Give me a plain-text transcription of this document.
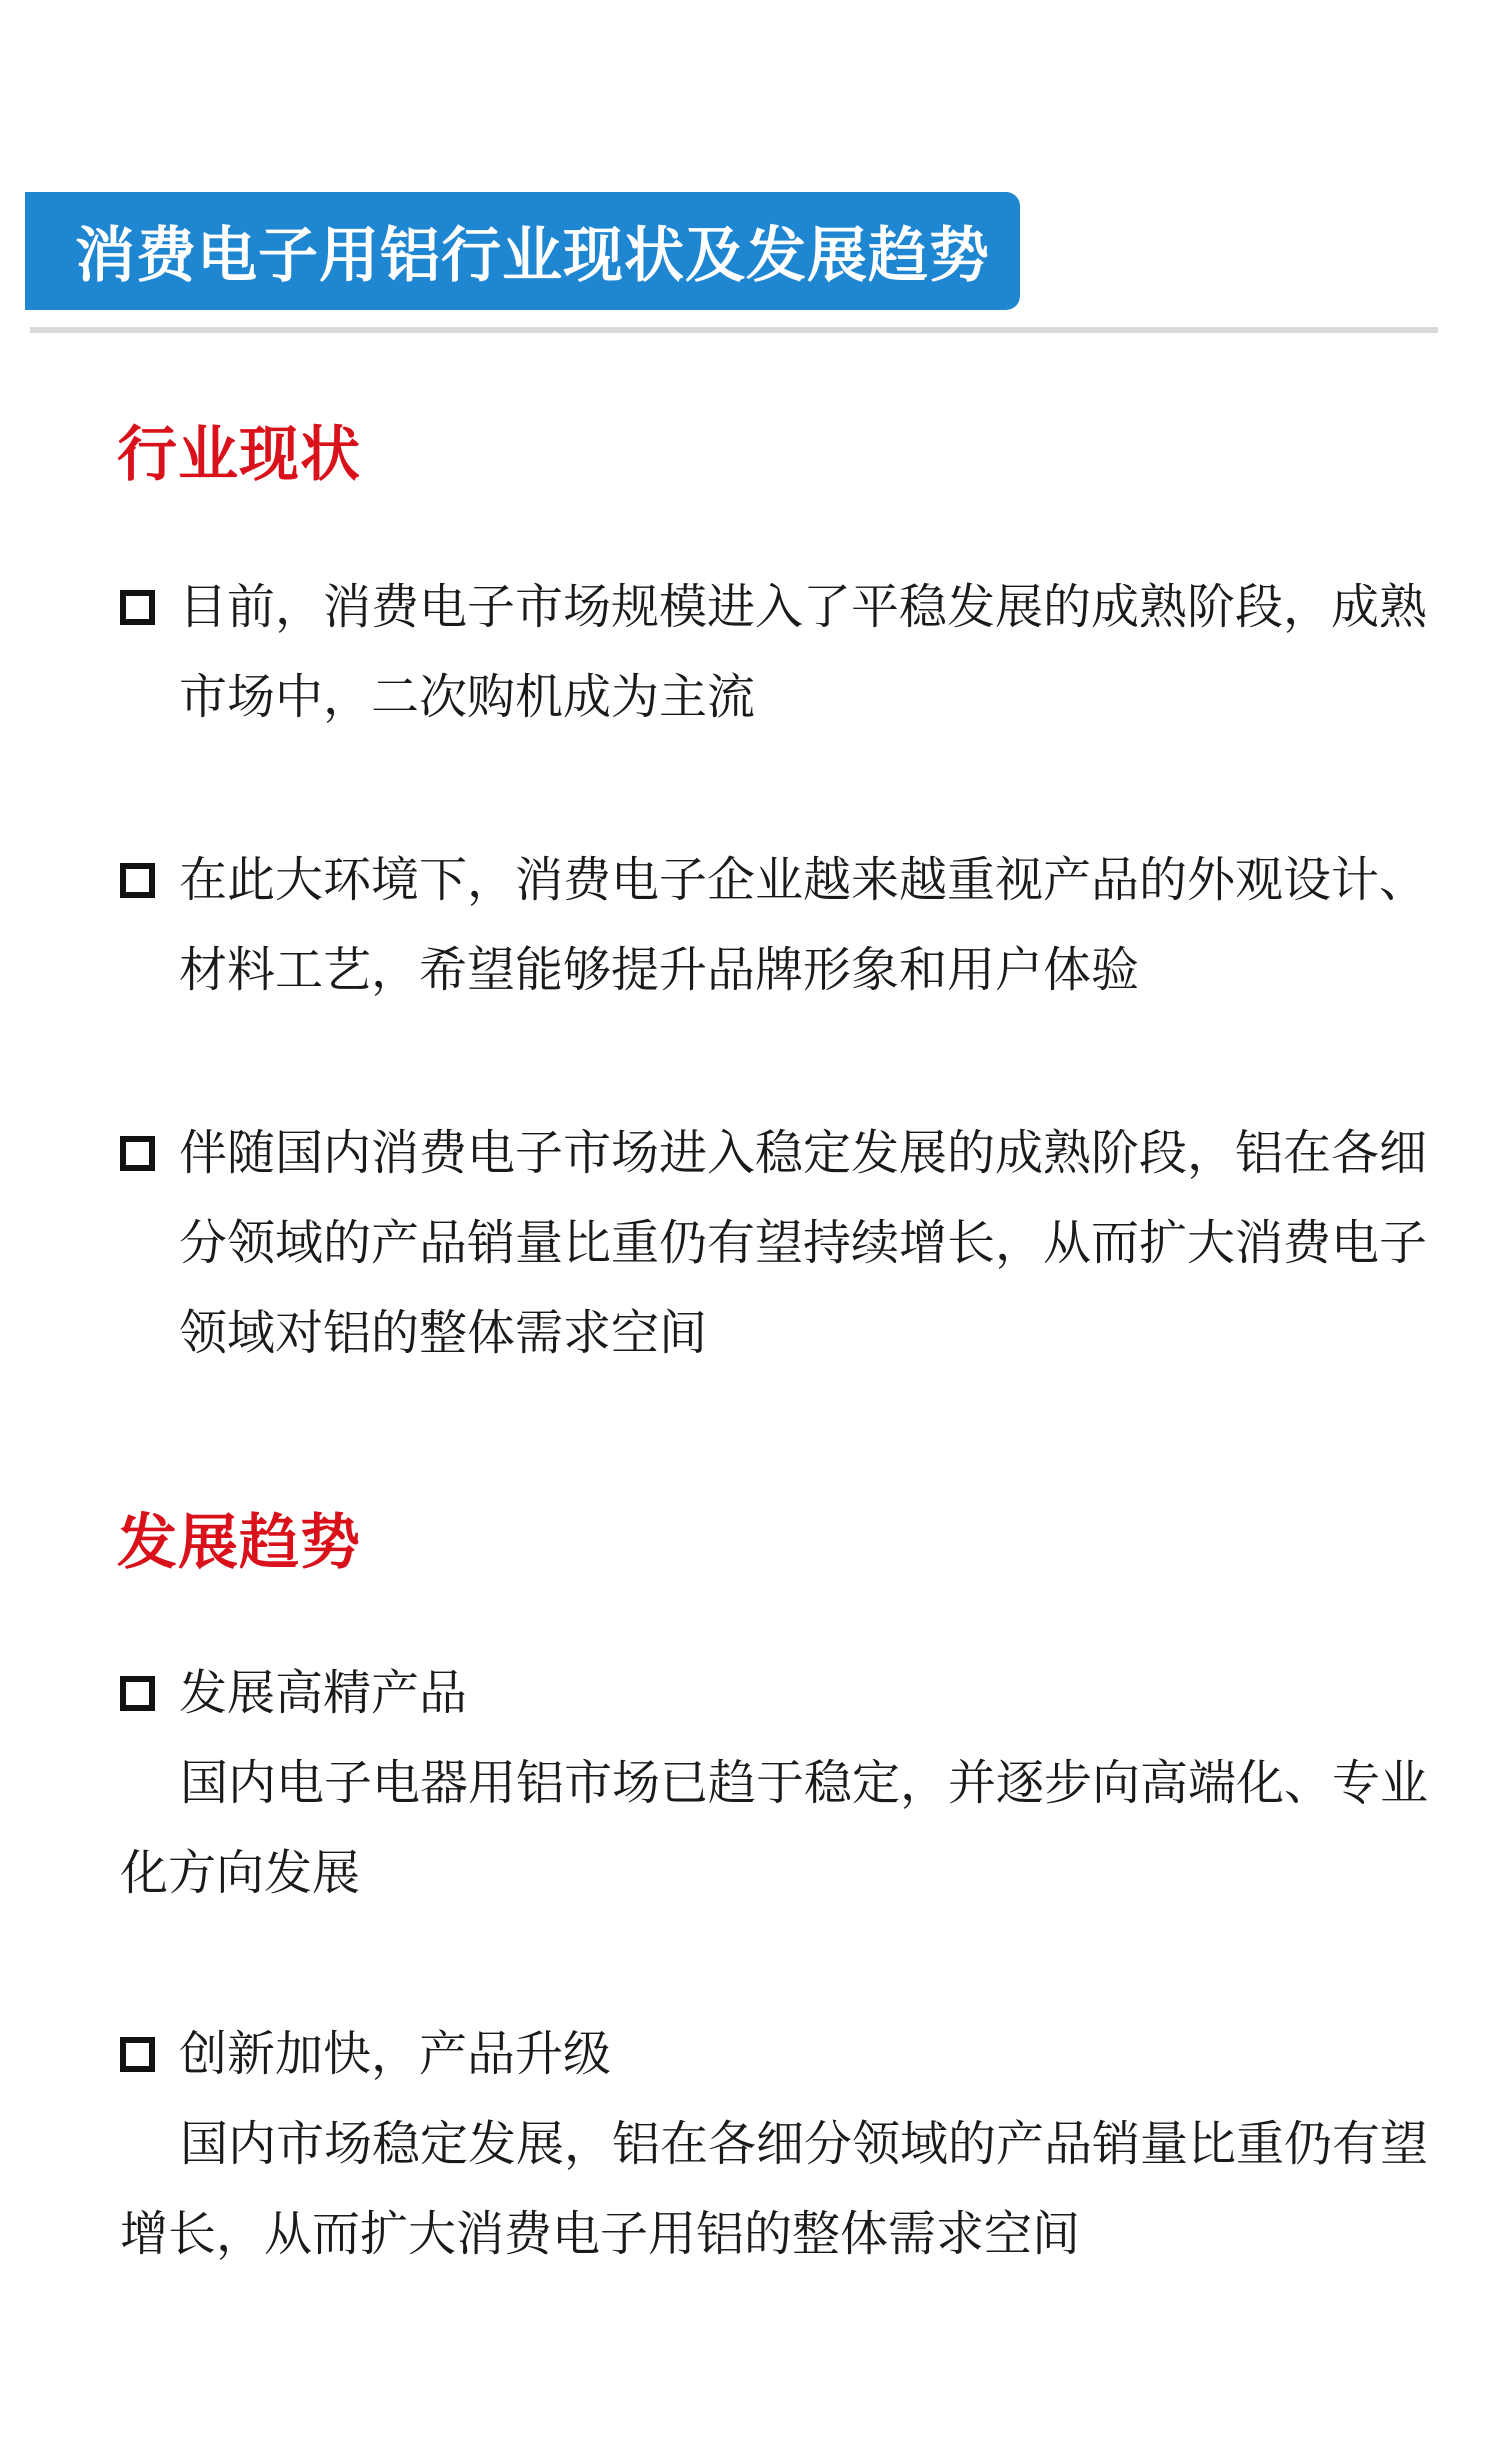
消费电子用铝行业现状及发展趋势
行业现状
目前，消费电子市场规模进入了平稳发展的成熟阶段，成熟市场中，二次购机成为主流
在此大环境下，消费电子企业越来越重视产品的外观设计、材料工艺，希望能够提升品牌形象和用户体验
伴随国内消费电子市场进入稳定发展的成熟阶段，铝在各细分领域的产品销量比重仍有望持续增长，从而扩大消费电子领域对铝的整体需求空间
发展趋势
发展高精产品
国内电子电器用铝市场已趋于稳定，并逐步向高端化、专业化方向发展
创新加快，产品升级
国内市场稳定发展，铝在各细分领域的产品销量比重仍有望增长，从而扩大消费电子用铝的整体需求空间
